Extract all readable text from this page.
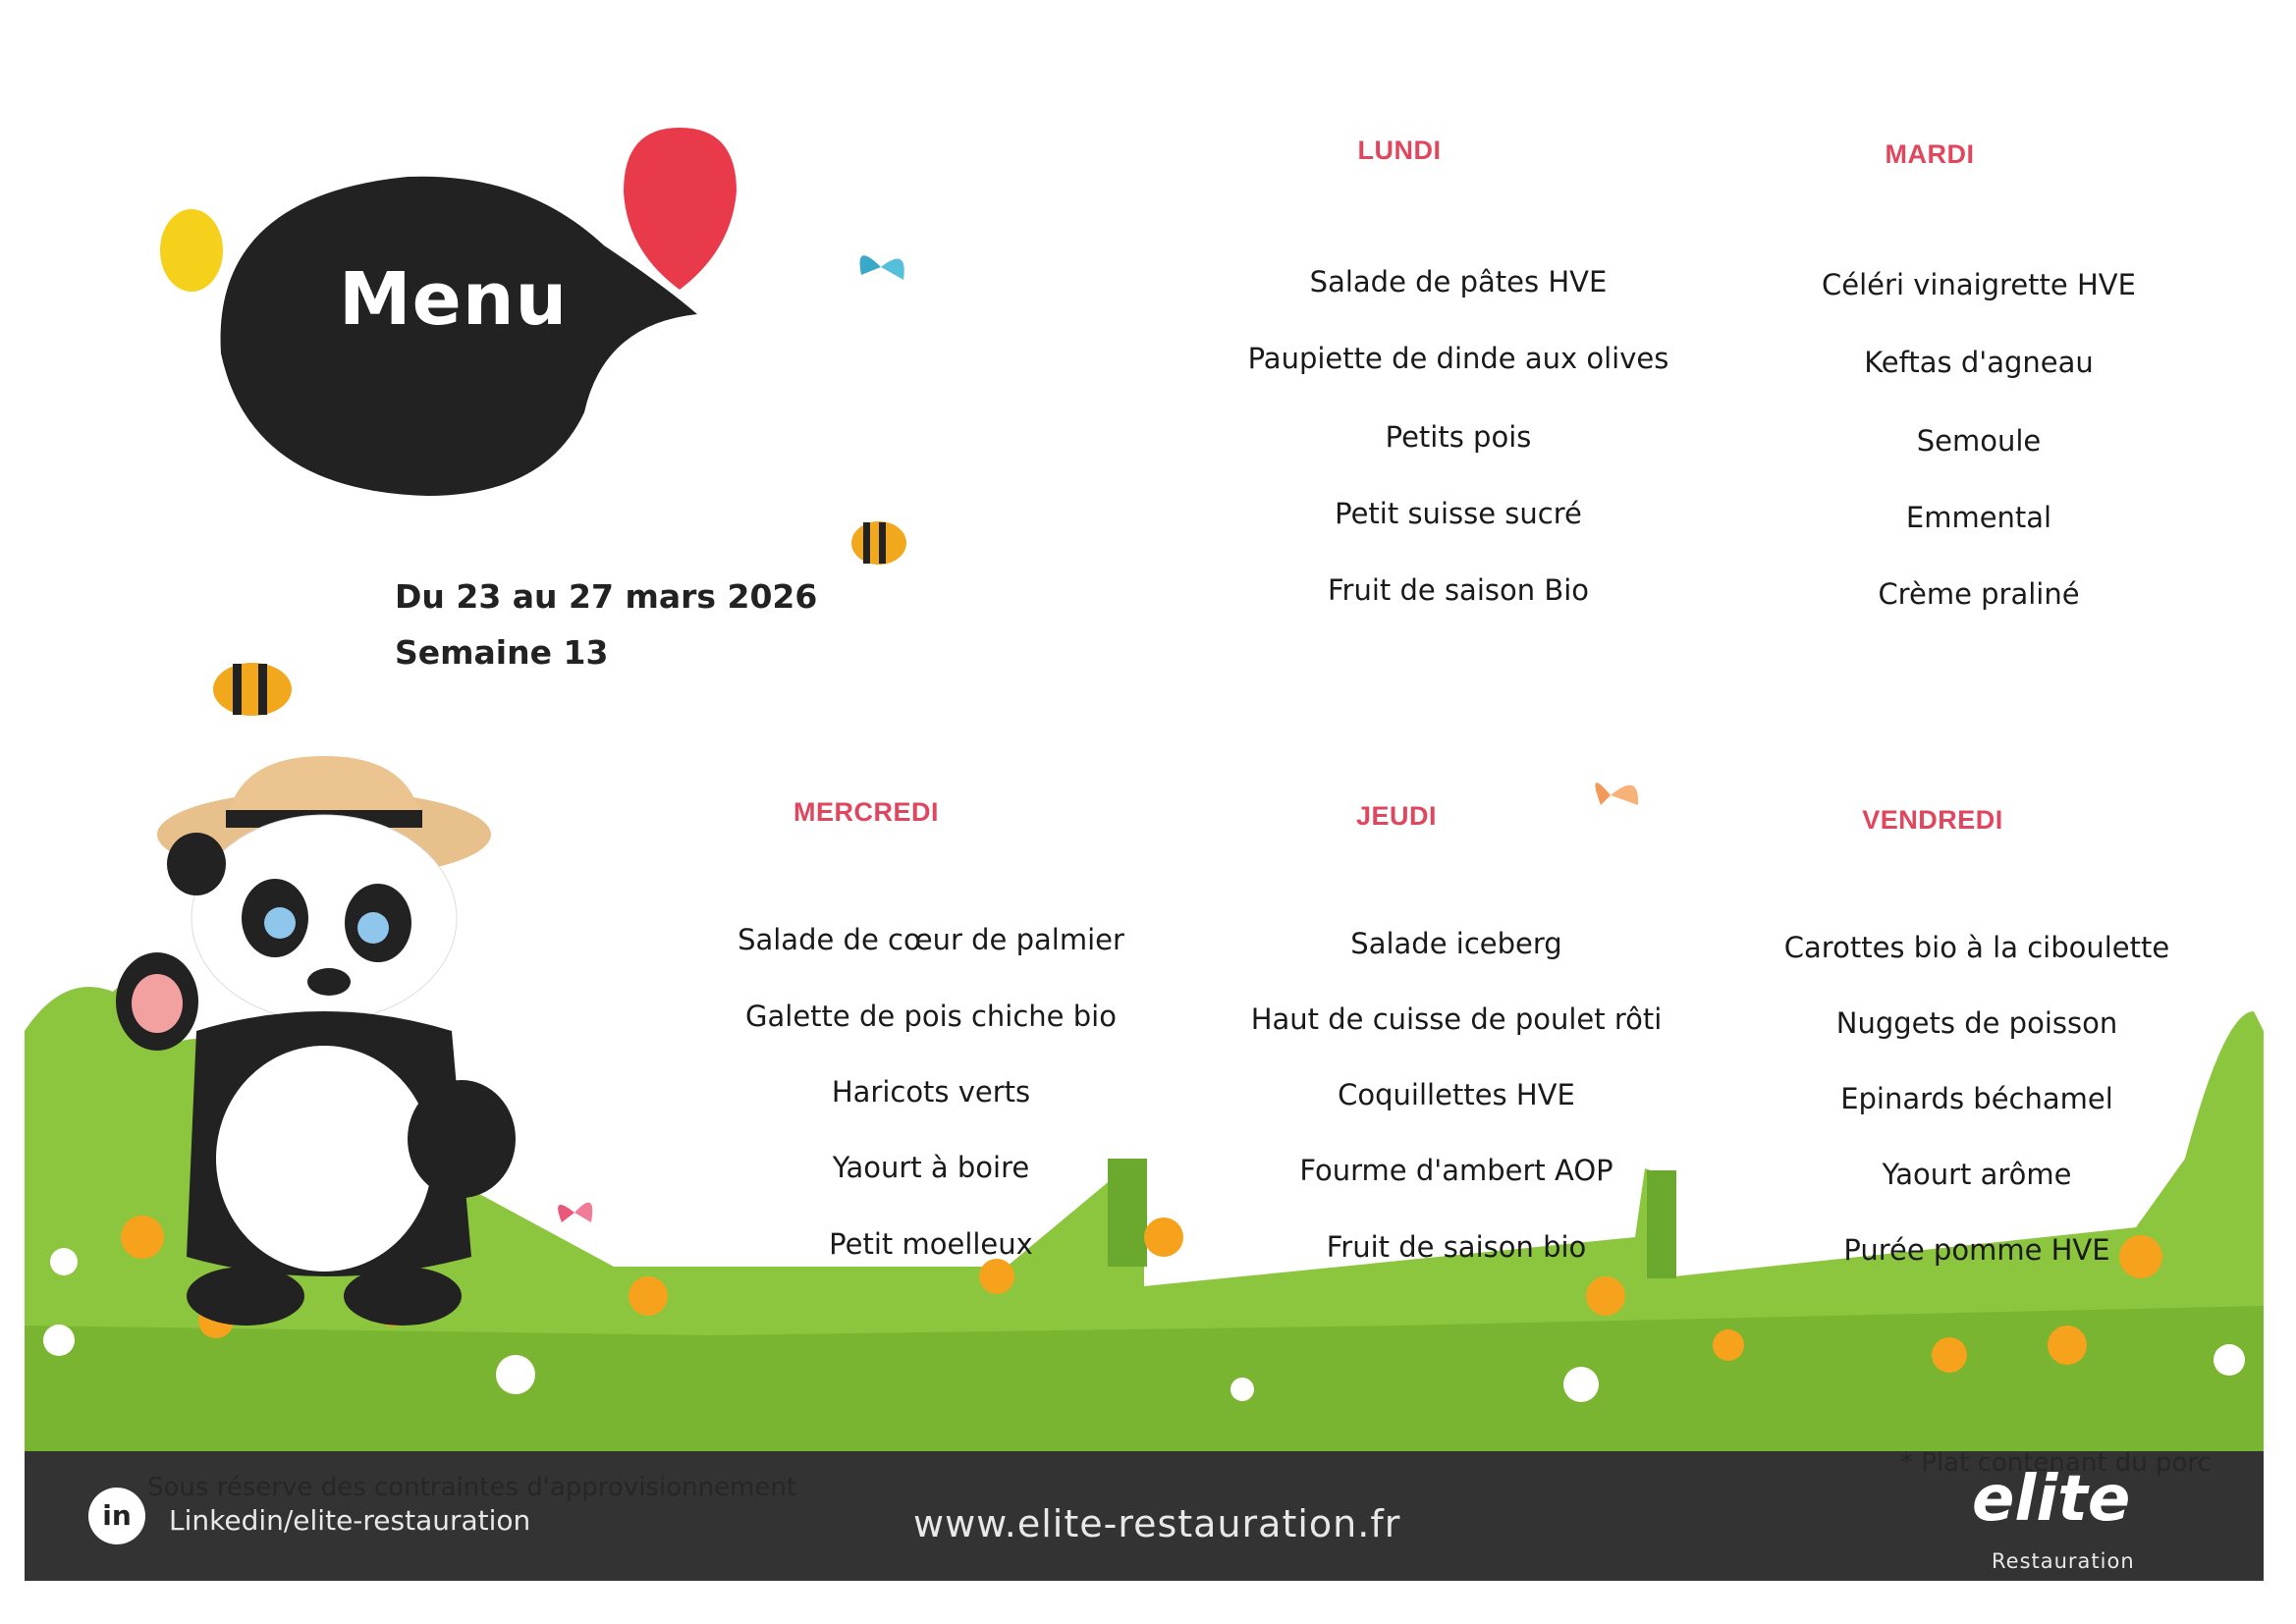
Menu
Du 23 au 27 mars 2026
Semaine 13
LUNDI
Salade de pâtes HVE
Paupiette de dinde aux olives
Petits pois
Petit suisse sucré
Fruit de saison Bio
MARDI
Céléri vinaigrette HVE
Keftas d'agneau
Semoule
Emmental
Crème praliné
MERCREDI
Salade de cœur de palmier
Galette de pois chiche bio
Haricots verts
Yaourt à boire
Petit moelleux
JEUDI
Salade iceberg
Haut de cuisse de poulet rôti
Coquillettes HVE
Fourme d'ambert AOP
Fruit de saison bio
VENDREDI
Carottes bio à la ciboulette
Nuggets de poisson
Epinards béchamel
Yaourt arôme
Purée pomme HVE
Sous réserve des contraintes d'approvisionnement
in	Linkedin/elite-restauration	www.elite-restauration.fr
* Plat contenant du porc
elite
Restauration
